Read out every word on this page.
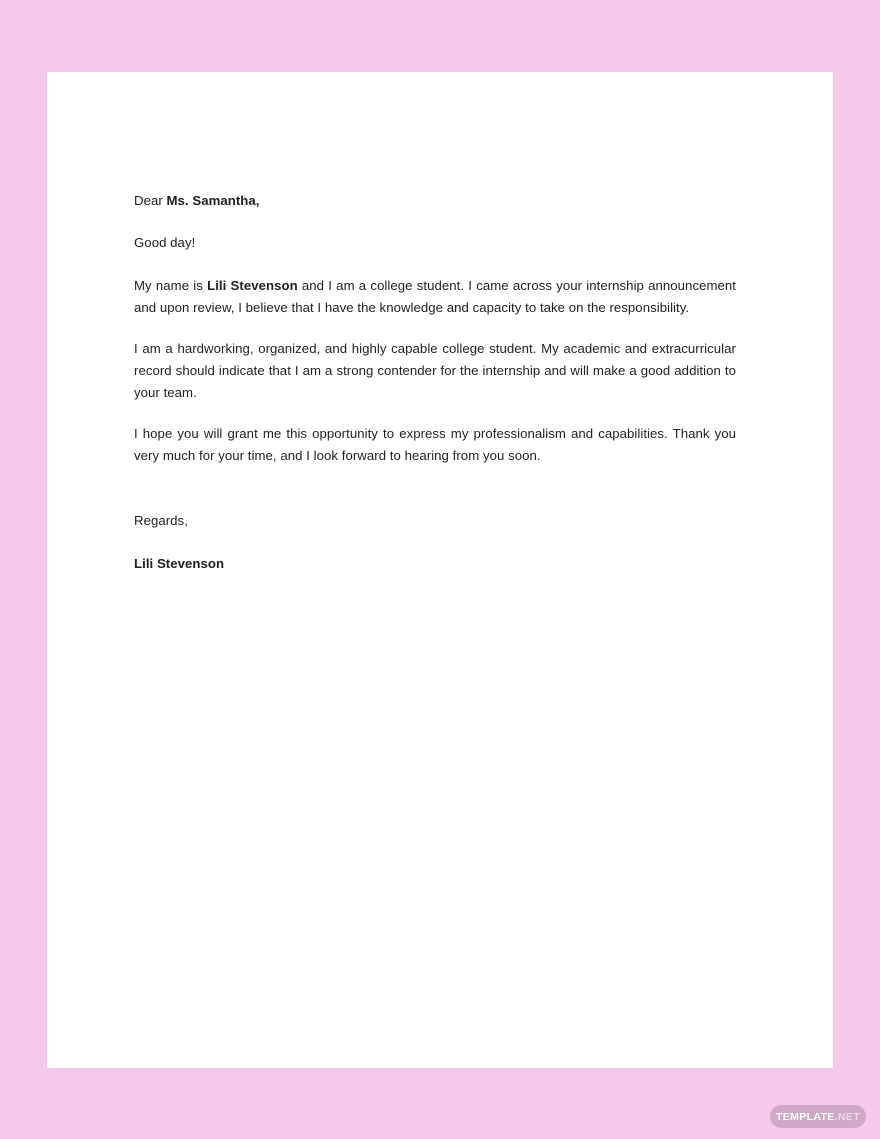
Dear Ms. Samantha,

Good day!

My name is Lili Stevenson and I am a college student. I came across your internship announcement and upon review, I believe that I have the knowledge and capacity to take on the responsibility.

I am a hardworking, organized, and highly capable college student. My academic and extracurricular record should indicate that I am a strong contender for the internship and will make a good addition to your team.

I hope you will grant me this opportunity to express my professionalism and capabilities. Thank you very much for your time, and I look forward to hearing from you soon.

Regards,

Lili Stevenson

TEMPLATE.NET
